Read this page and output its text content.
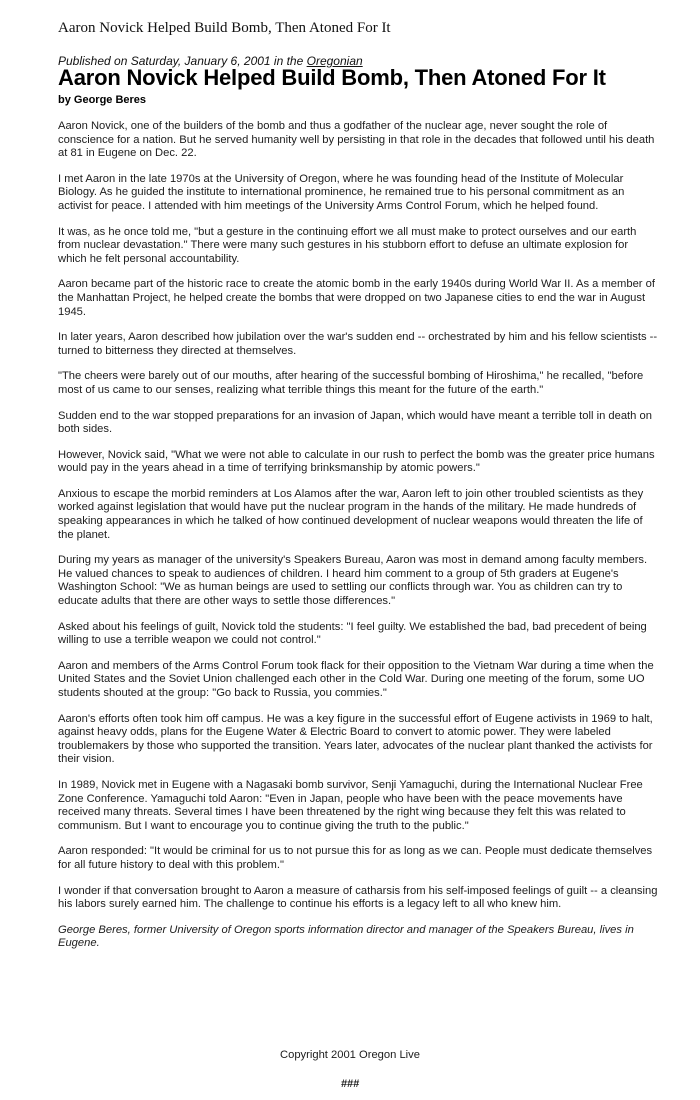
Aaron Novick Helped Build Bomb, Then Atoned For It
Published on Saturday, January 6, 2001 in the Oregonian
Aaron Novick Helped Build Bomb, Then Atoned For It
by George Beres

Aaron Novick, one of the builders of the bomb and thus a godfather of the nuclear age, never sought the role of conscience for a nation. But he served humanity well by persisting in that role in the decades that followed until his death at 81 in Eugene on Dec. 22.

I met Aaron in the late 1970s at the University of Oregon, where he was founding head of the Institute of Molecular Biology. As he guided the institute to international prominence, he remained true to his personal commitment as an activist for peace. I attended with him meetings of the University Arms Control Forum, which he helped found.

It was, as he once told me, "but a gesture in the continuing effort we all must make to protect ourselves and our earth from nuclear devastation." There were many such gestures in his stubborn effort to defuse an ultimate explosion for which he felt personal accountability.

Aaron became part of the historic race to create the atomic bomb in the early 1940s during World War II. As a member of the Manhattan Project, he helped create the bombs that were dropped on two Japanese cities to end the war in August 1945.

In later years, Aaron described how jubilation over the war's sudden end -- orchestrated by him and his fellow scientists -- turned to bitterness they directed at themselves.

"The cheers were barely out of our mouths, after hearing of the successful bombing of Hiroshima," he recalled, "before most of us came to our senses, realizing what terrible things this meant for the future of the earth."

Sudden end to the war stopped preparations for an invasion of Japan, which would have meant a terrible toll in death on both sides.

However, Novick said, "What we were not able to calculate in our rush to perfect the bomb was the greater price humans would pay in the years ahead in a time of terrifying brinksmanship by atomic powers."

Anxious to escape the morbid reminders at Los Alamos after the war, Aaron left to join other troubled scientists as they worked against legislation that would have put the nuclear program in the hands of the military. He made hundreds of speaking appearances in which he talked of how continued development of nuclear weapons would threaten the life of the planet.

During my years as manager of the university's Speakers Bureau, Aaron was most in demand among faculty members. He valued chances to speak to audiences of children. I heard him comment to a group of 5th graders at Eugene's Washington School: "We as human beings are used to settling our conflicts through war. You as children can try to educate adults that there are other ways to settle those differences."

Asked about his feelings of guilt, Novick told the students: "I feel guilty. We established the bad, bad precedent of being willing to use a terrible weapon we could not control."

Aaron and members of the Arms Control Forum took flack for their opposition to the Vietnam War during a time when the United States and the Soviet Union challenged each other in the Cold War. During one meeting of the forum, some UO students shouted at the group: "Go back to Russia, you commies."

Aaron's efforts often took him off campus. He was a key figure in the successful effort of Eugene activists in 1969 to halt, against heavy odds, plans for the Eugene Water & Electric Board to convert to atomic power. They were labeled troublemakers by those who supported the transition. Years later, advocates of the nuclear plant thanked the activists for their vision.

In 1989, Novick met in Eugene with a Nagasaki bomb survivor, Senji Yamaguchi, during the International Nuclear Free Zone Conference. Yamaguchi told Aaron: "Even in Japan, people who have been with the peace movements have received many threats. Several times I have been threatened by the right wing because they felt this was related to communism. But I want to encourage you to continue giving the truth to the public."

Aaron responded: "It would be criminal for us to not pursue this for as long as we can. People must dedicate themselves for all future history to deal with this problem."

I wonder if that conversation brought to Aaron a measure of catharsis from his self-imposed feelings of guilt -- a cleansing his labors surely earned him. The challenge to continue his efforts is a legacy left to all who knew him.

George Beres, former University of Oregon sports information director and manager of the Speakers Bureau, lives in Eugene.

Copyright 2001 Oregon Live
###
